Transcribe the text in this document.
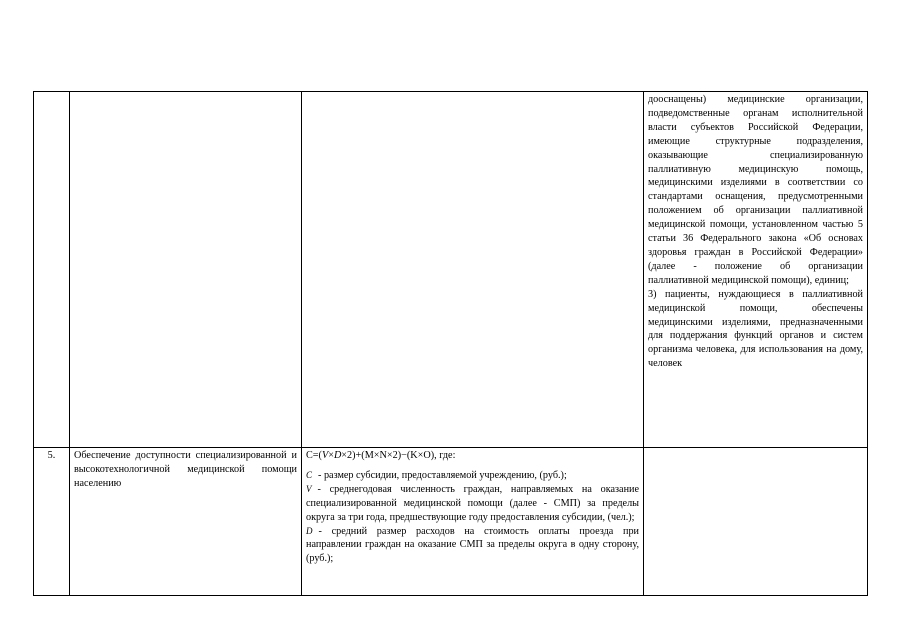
			дооснащены) медицинские организации, подведомственные органам исполнительной власти субъектов Российской Федерации, имеющие структурные подразделения, оказывающие специализированную паллиативную медицинскую помощь, медицинскими изделиями в соответствии со стандартами оснащения, предусмотренными положением об организации паллиативной медицинской помощи, установленном частью 5 статьи 36 Федерального закона «Об основах здоровья граждан в Российской Федерации» (далее - положение об организации паллиативной медицинской помощи), единиц;

3) пациенты, нуждающиеся в паллиативной медицинской помощи, обеспечены медицинскими изделиями, предназначенными для поддержания функций органов и систем организма человека, для использования на дому, человек

5.	Обеспечение доступности специализированной и высокотехнологичной медицинской помощи населению	C=(V×D×2)+(M×N×2)−(K×O), где:

C - размер субсидии, предоставляемой учреждению, (руб.);

V - среднегодовая численность граждан, направляемых на оказание специализированной медицинской помощи (далее - СМП) за пределы округа за три года, предшествующие году предоставления субсидии, (чел.);

D - средний размер расходов на стоимость оплаты проезда при направлении граждан на оказание СМП за пределы округа в одну сторону, (руб.);	
